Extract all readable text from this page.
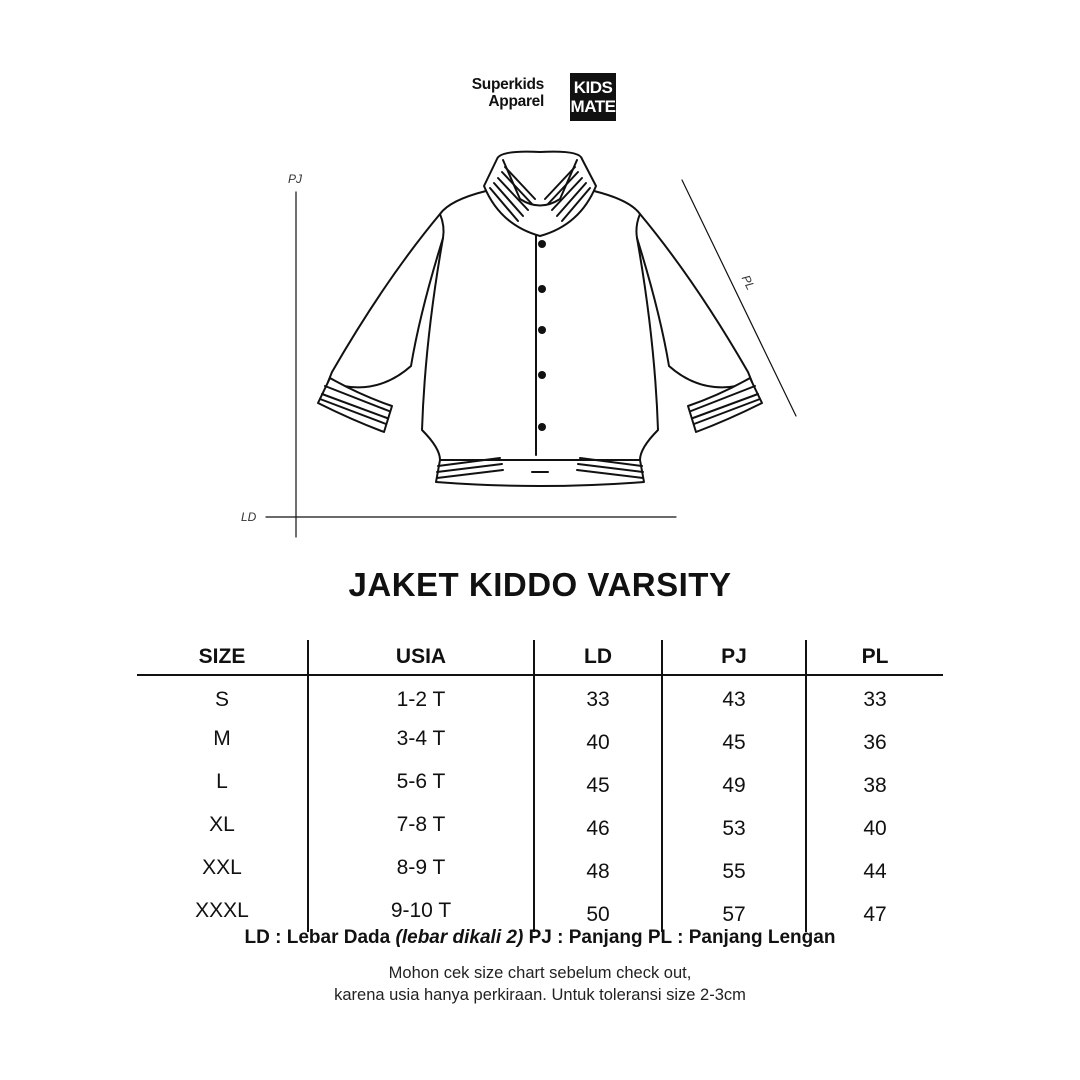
Superkids
Apparel
KIDS
MATE
PJ
LD
PL
JAKET KIDDO VARSITY
SIZE	USIA	LD	PJ	PL
S	1-2 T	33	43	33
M	3-4 T	40	45	36
L	5-6 T	45	49	38
XL	7-8 T	46	53	40
XXL	8-9 T	48	55	44
XXXL	9-10 T	50	57	47
LD : Lebar Dada (lebar dikali 2) PJ : Panjang PL : Panjang Lengan
Mohon cek size chart sebelum check out,
karena usia hanya perkiraan. Untuk toleransi size 2-3cm
